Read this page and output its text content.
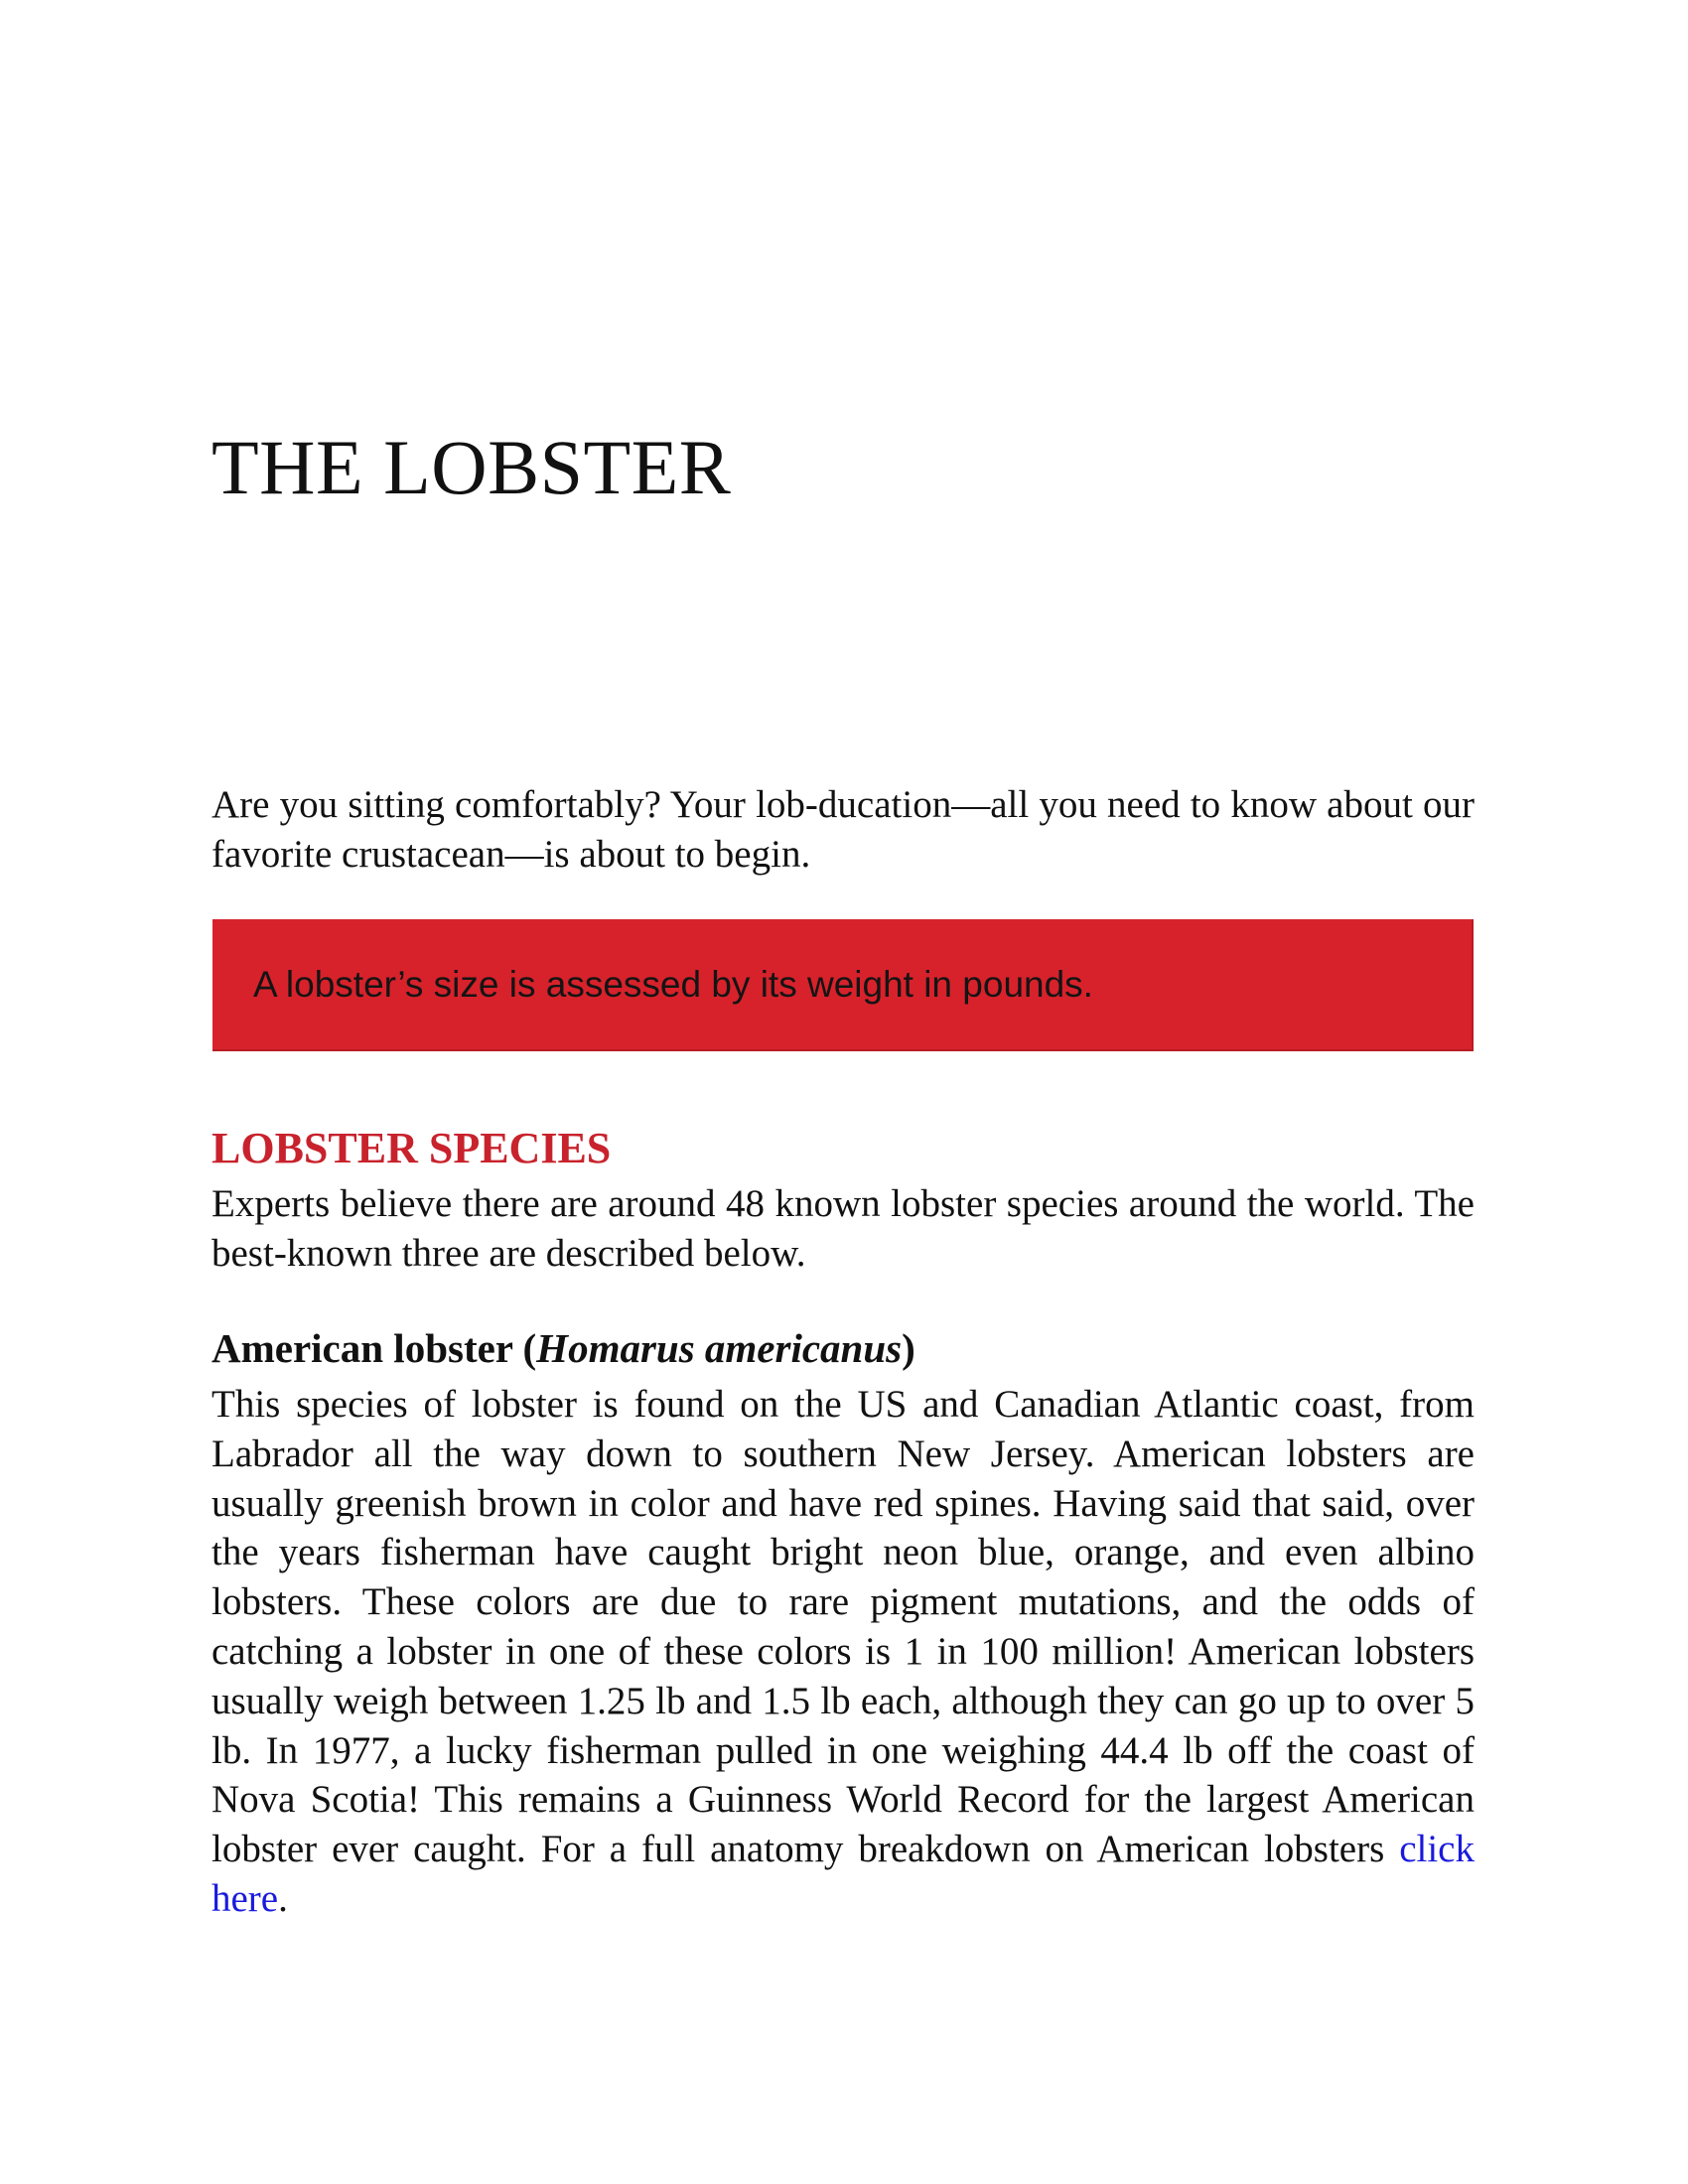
THE LOBSTER

Are you sitting comfortably? Your lob-ducation—all you need to know about our favorite crustacean—is about to begin.

A lobster’s size is assessed by its weight in pounds.

LOBSTER SPECIES

Experts believe there are around 48 known lobster species around the world. The best-known three are described below.

American lobster (Homarus americanus)

This species of lobster is found on the US and Canadian Atlantic coast, from Labrador all the way down to southern New Jersey. American lobsters are usually greenish brown in color and have red spines. Having said that said, over the years fisherman have caught bright neon blue, orange, and even albino lobsters. These colors are due to rare pigment mutations, and the odds of catching a lobster in one of these colors is 1 in 100 million! American lobsters usually weigh between 1.25 lb and 1.5 lb each, although they can go up to over 5 lb. In 1977, a lucky fisherman pulled in one weighing 44.4 lb off the coast of Nova Scotia! This remains a Guinness World Record for the largest American lobster ever caught. For a full anatomy breakdown on American lobsters click here.
